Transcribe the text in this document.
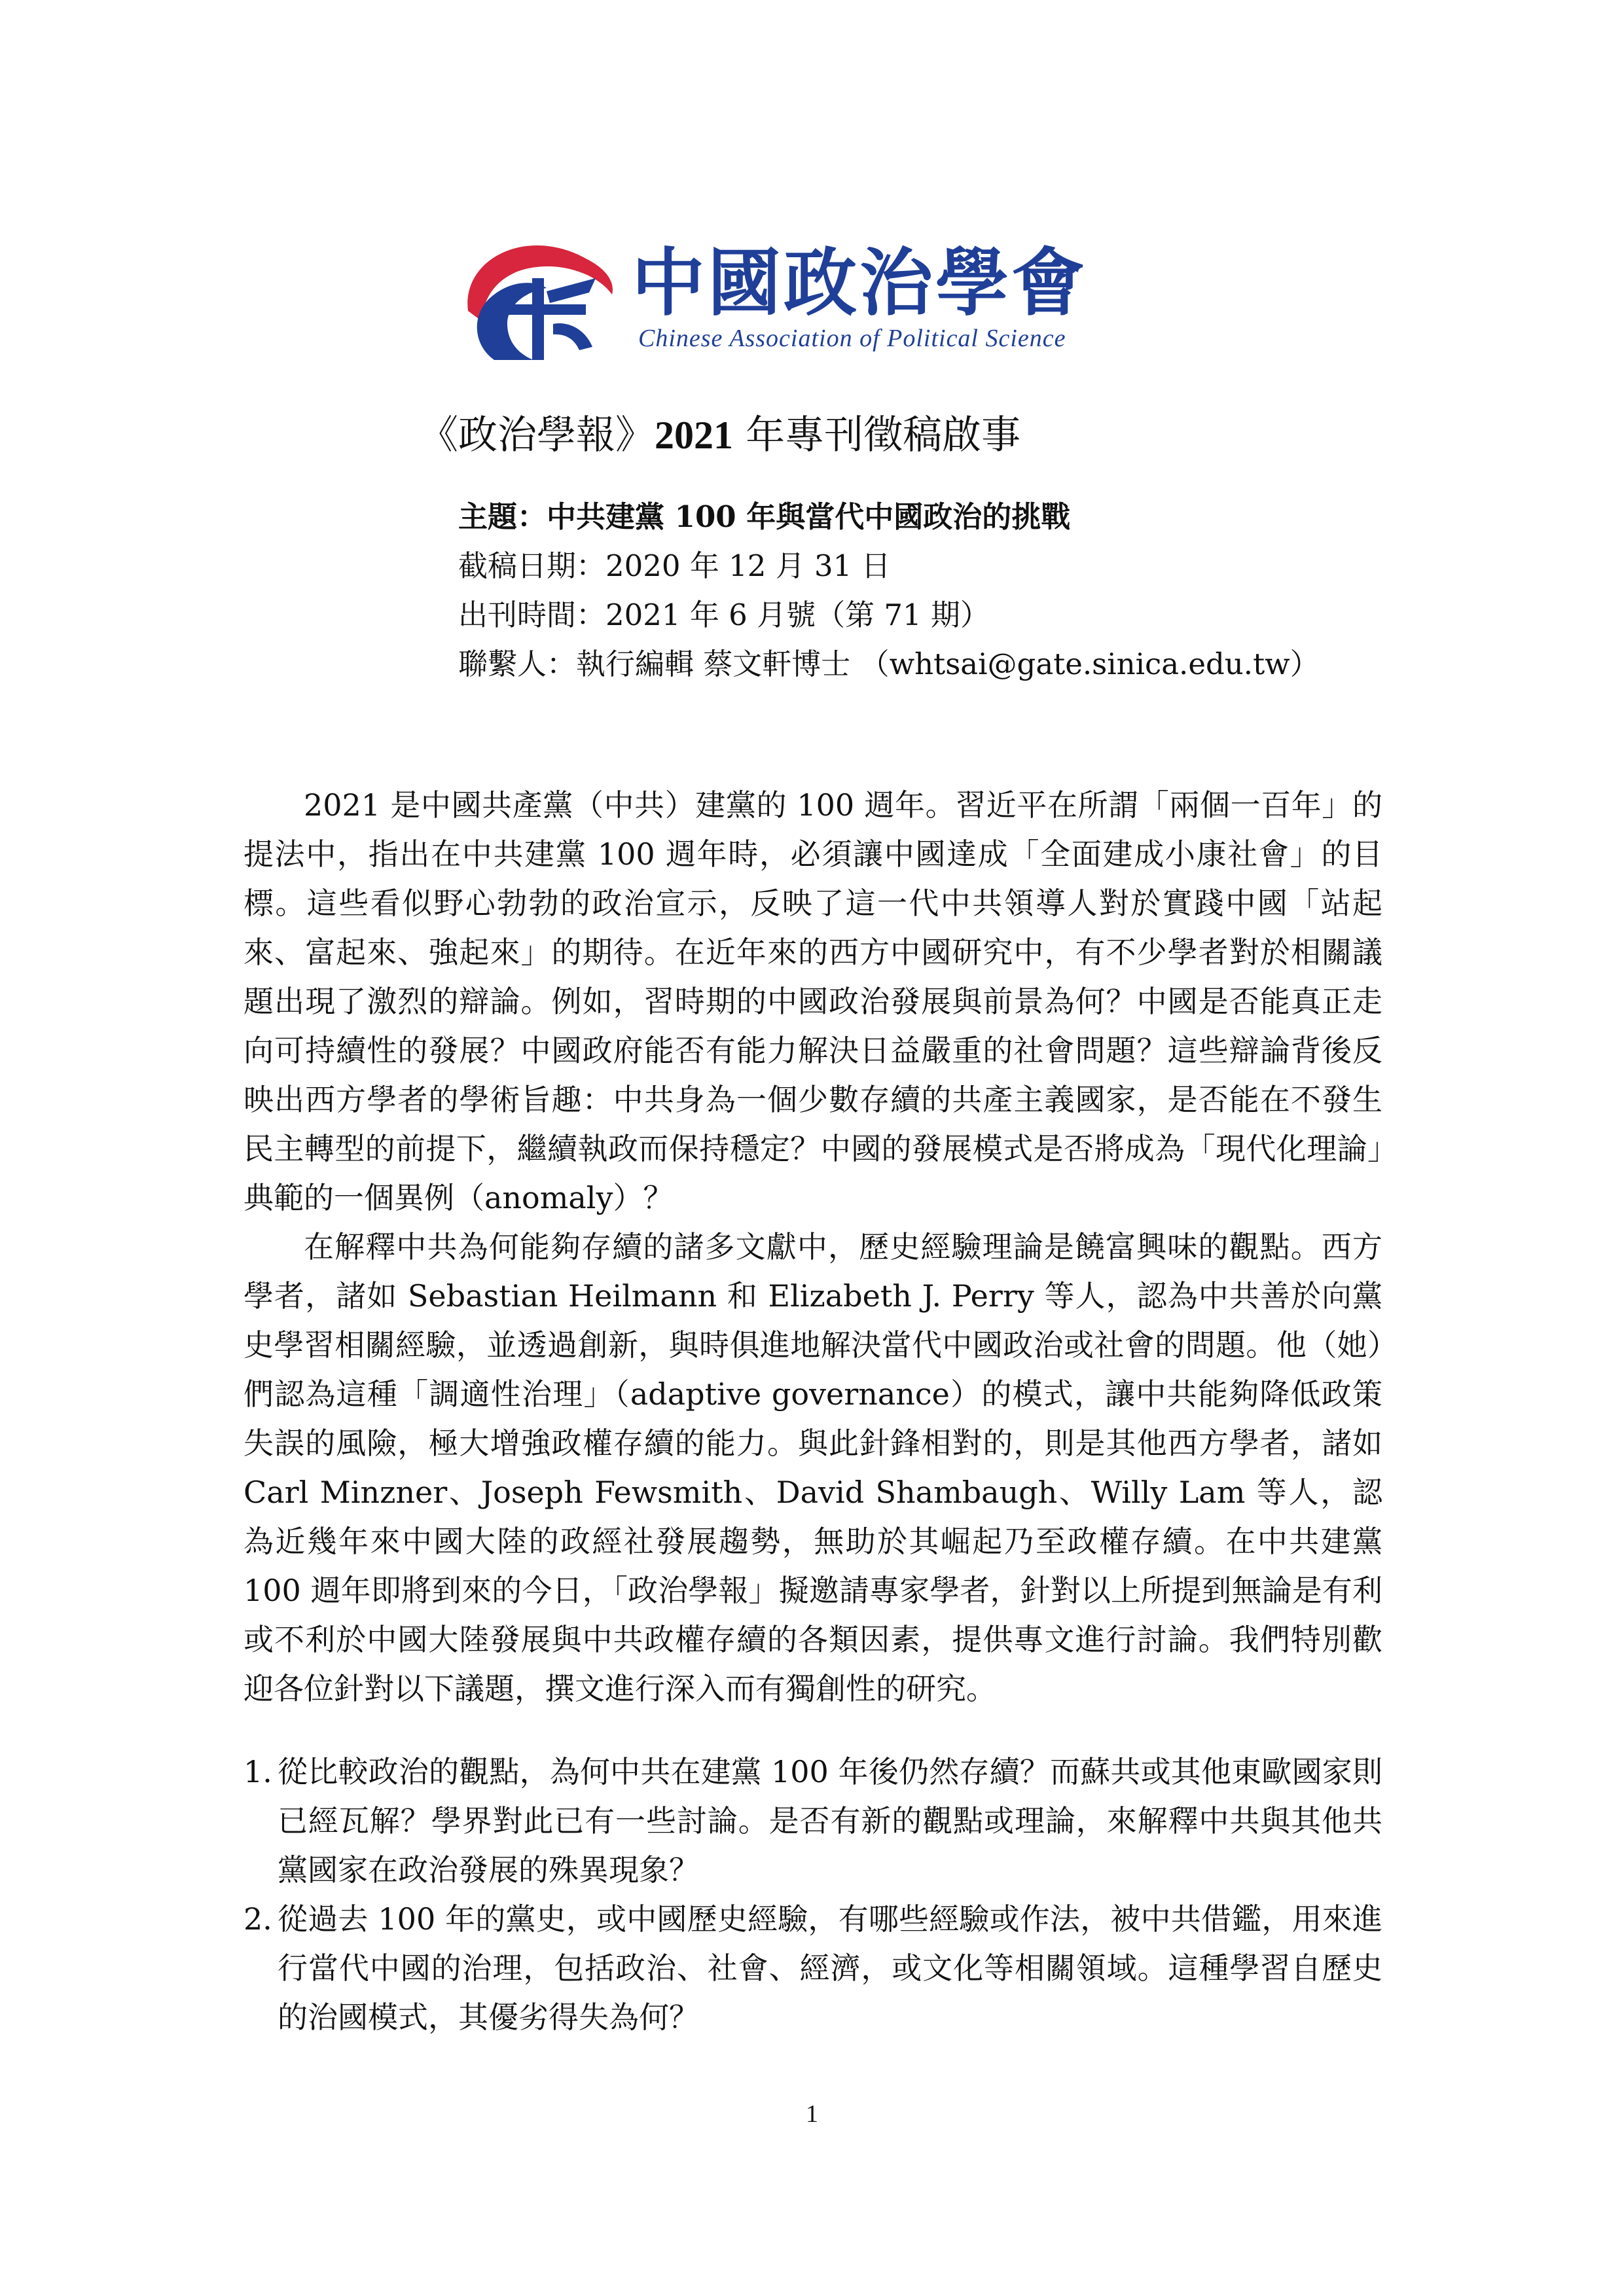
中國政治學會
Chinese Association of Political Science
《政治學報》2021 年專刊徵稿啟事
主題：中共建黨 100 年與當代中國政治的挑戰
截稿日期：2020 年 12 月 31 日
出刊時間：2021 年 6 月號（第 71 期）
聯繫人：執行編輯 蔡文軒博士 （whtsai@gate.sinica.edu.tw）

2021 是中國共產黨（中共）建黨的 100 週年。習近平在所謂「兩個一百年」的提法中，指出在中共建黨 100 週年時，必須讓中國達成「全面建成小康社會」的目標。這些看似野心勃勃的政治宣示，反映了這一代中共領導人對於實踐中國「站起來、富起來、強起來」的期待。在近年來的西方中國研究中，有不少學者對於相關議題出現了激烈的辯論。例如，習時期的中國政治發展與前景為何？中國是否能真正走向可持續性的發展？中國政府能否有能力解決日益嚴重的社會問題？這些辯論背後反映出西方學者的學術旨趣：中共身為一個少數存續的共產主義國家，是否能在不發生民主轉型的前提下，繼續執政而保持穩定？中國的發展模式是否將成為「現代化理論」典範的一個異例（anomaly）？

在解釋中共為何能夠存續的諸多文獻中，歷史經驗理論是饒富興味的觀點。西方學者，諸如 Sebastian Heilmann 和 Elizabeth J. Perry 等人，認為中共善於向黨史學習相關經驗，並透過創新，與時俱進地解決當代中國政治或社會的問題。他（她）們認為這種「調適性治理」（adaptive governance）的模式，讓中共能夠降低政策失誤的風險，極大增強政權存續的能力。與此針鋒相對的，則是其他西方學者，諸如 Carl Minzner、Joseph Fewsmith、David Shambaugh、Willy Lam 等人，認為近幾年來中國大陸的政經社發展趨勢，無助於其崛起乃至政權存續。在中共建黨 100 週年即將到來的今日，「政治學報」擬邀請專家學者，針對以上所提到無論是有利或不利於中國大陸發展與中共政權存續的各類因素，提供專文進行討論。我們特別歡迎各位針對以下議題，撰文進行深入而有獨創性的研究。

1. 從比較政治的觀點，為何中共在建黨 100 年後仍然存續？而蘇共或其他東歐國家則已經瓦解？學界對此已有一些討論。是否有新的觀點或理論，來解釋中共與其他共黨國家在政治發展的殊異現象？
2. 從過去 100 年的黨史，或中國歷史經驗，有哪些經驗或作法，被中共借鑑，用來進行當代中國的治理，包括政治、社會、經濟，或文化等相關領域。這種學習自歷史的治國模式，其優劣得失為何？
1
